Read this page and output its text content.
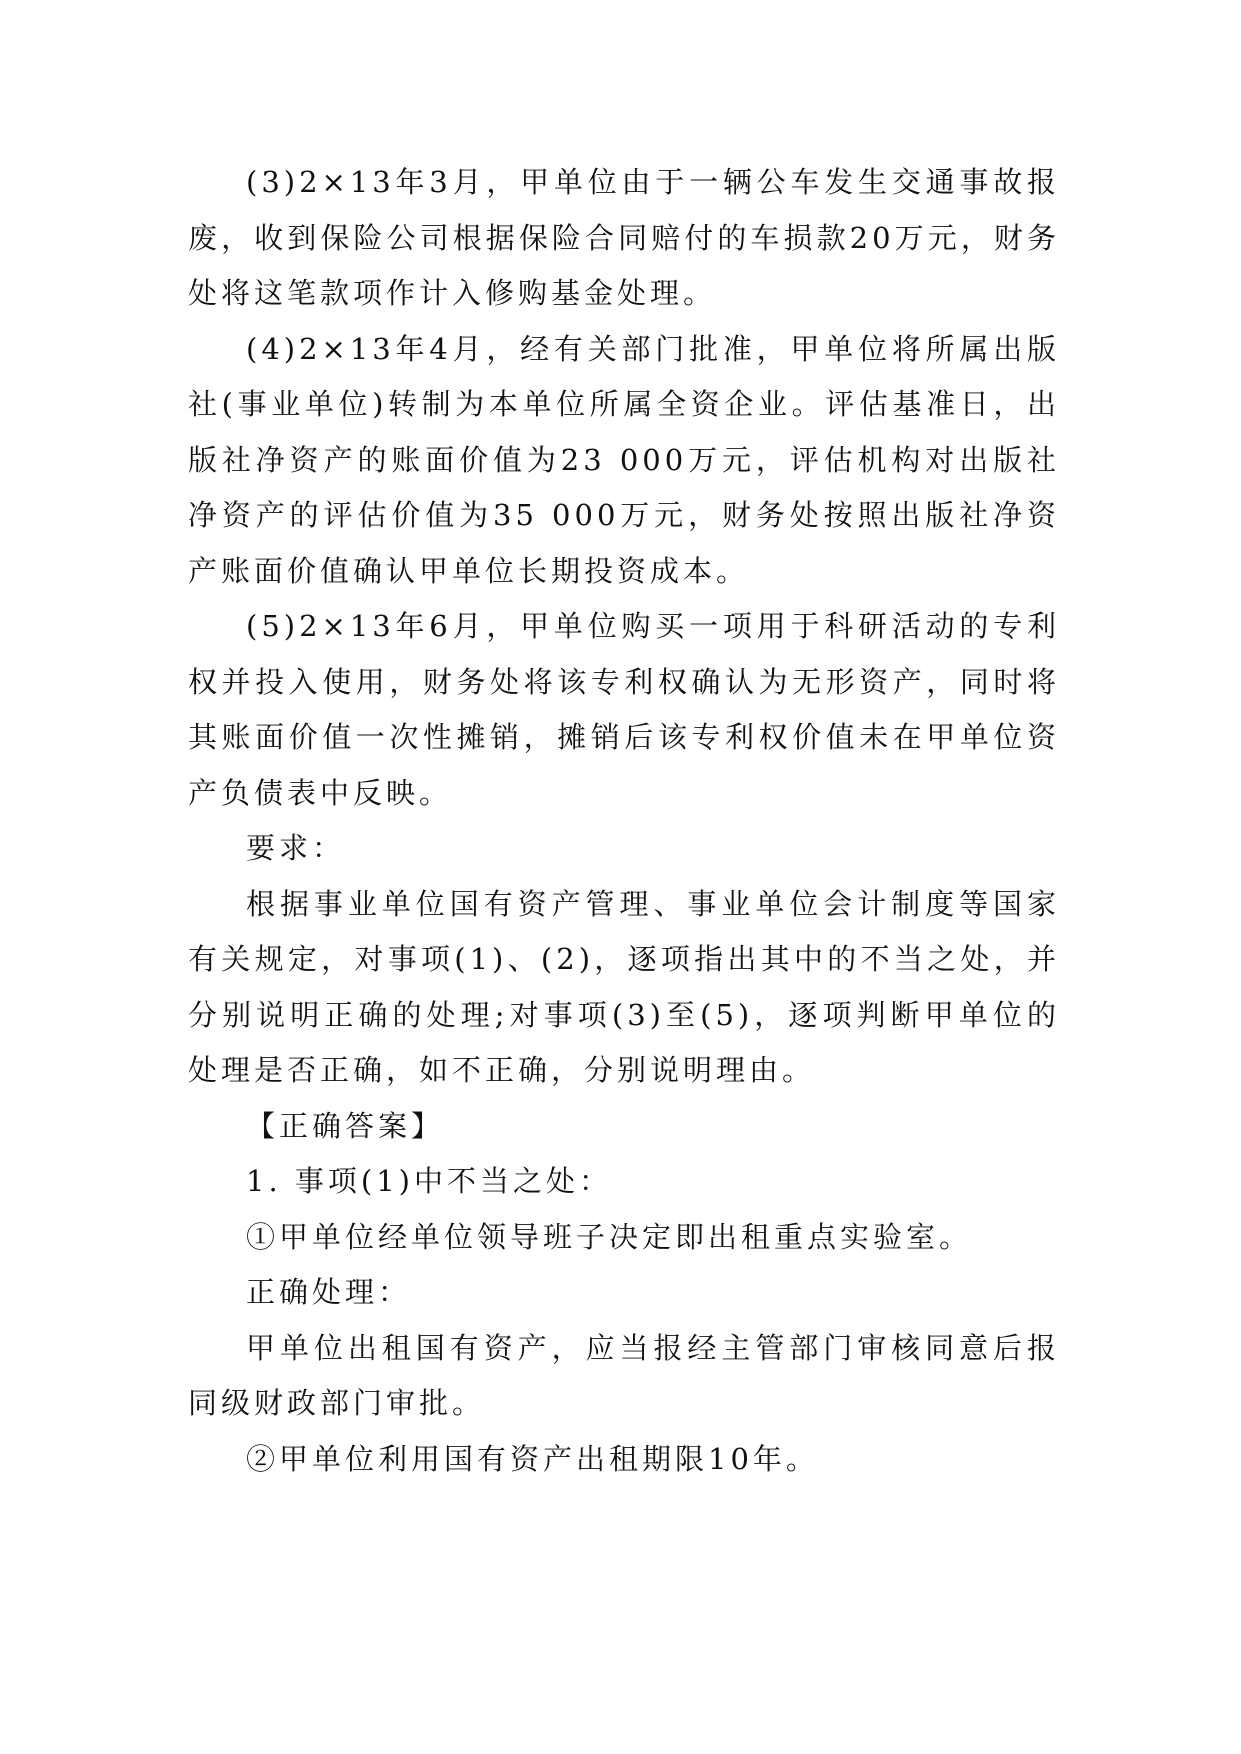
(3)2×13年3月，甲单位由于一辆公车发生交通事故报废，收到保险公司根据保险合同赔付的车损款20万元，财务处将这笔款项作计入修购基金处理。

(4)2×13年4月，经有关部门批准，甲单位将所属出版社(事业单位)转制为本单位所属全资企业。评估基准日，出版社净资产的账面价值为23 000万元，评估机构对出版社净资产的评估价值为35 000万元，财务处按照出版社净资产账面价值确认甲单位长期投资成本。

(5)2×13年6月，甲单位购买一项用于科研活动的专利权并投入使用，财务处将该专利权确认为无形资产，同时将其账面价值一次性摊销，摊销后该专利权价值未在甲单位资产负债表中反映。

要求：

根据事业单位国有资产管理、事业单位会计制度等国家有关规定，对事项(1)、(2)，逐项指出其中的不当之处，并分别说明正确的处理;对事项(3)至(5)，逐项判断甲单位的处理是否正确，如不正确，分别说明理由。

【正确答案】

1. 事项(1)中不当之处：

①甲单位经单位领导班子决定即出租重点实验室。

正确处理：

甲单位出租国有资产，应当报经主管部门审核同意后报同级财政部门审批。

②甲单位利用国有资产出租期限10年。
